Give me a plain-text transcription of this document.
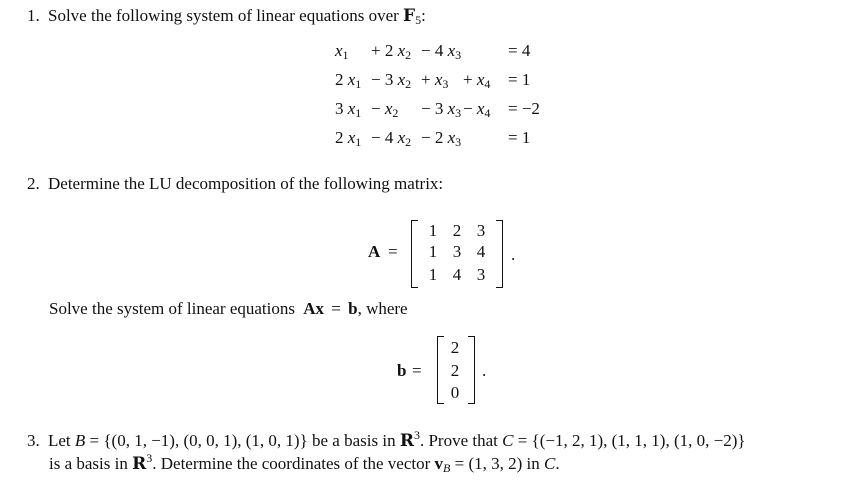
1. Solve the following system of linear equations over $F_5$:
$x_1 + 2$ $x_2 - 4$ $x_3$	= 4
2 $x_1 - 3$ $x_2 + x_3 + x_4 = 1$
3 $x_1 - x_2 - 3$ $x_3 - x_4 = -2$
2 $x_1 - 4$ $x_2 - 2$ $x_3$	= 1
2. Determine the LU decomposition of the following matrix:
A =
1 2 3
1 3 4
1 4 3
.
Solve the system of linear equations Ax = b, where
b =
2
2
0
.
3. Let B = {(0, 1, −1), (0, 0, 1), (1, 0, 1)} be a basis in $R^3$. Prove that C = {(−1, 2, 1), (1, 1, 1), (1, 0, −2)}
is a basis in $R^3$. Determine the coordinates of the vector $v_B = (1$, 3, 2) in C.
